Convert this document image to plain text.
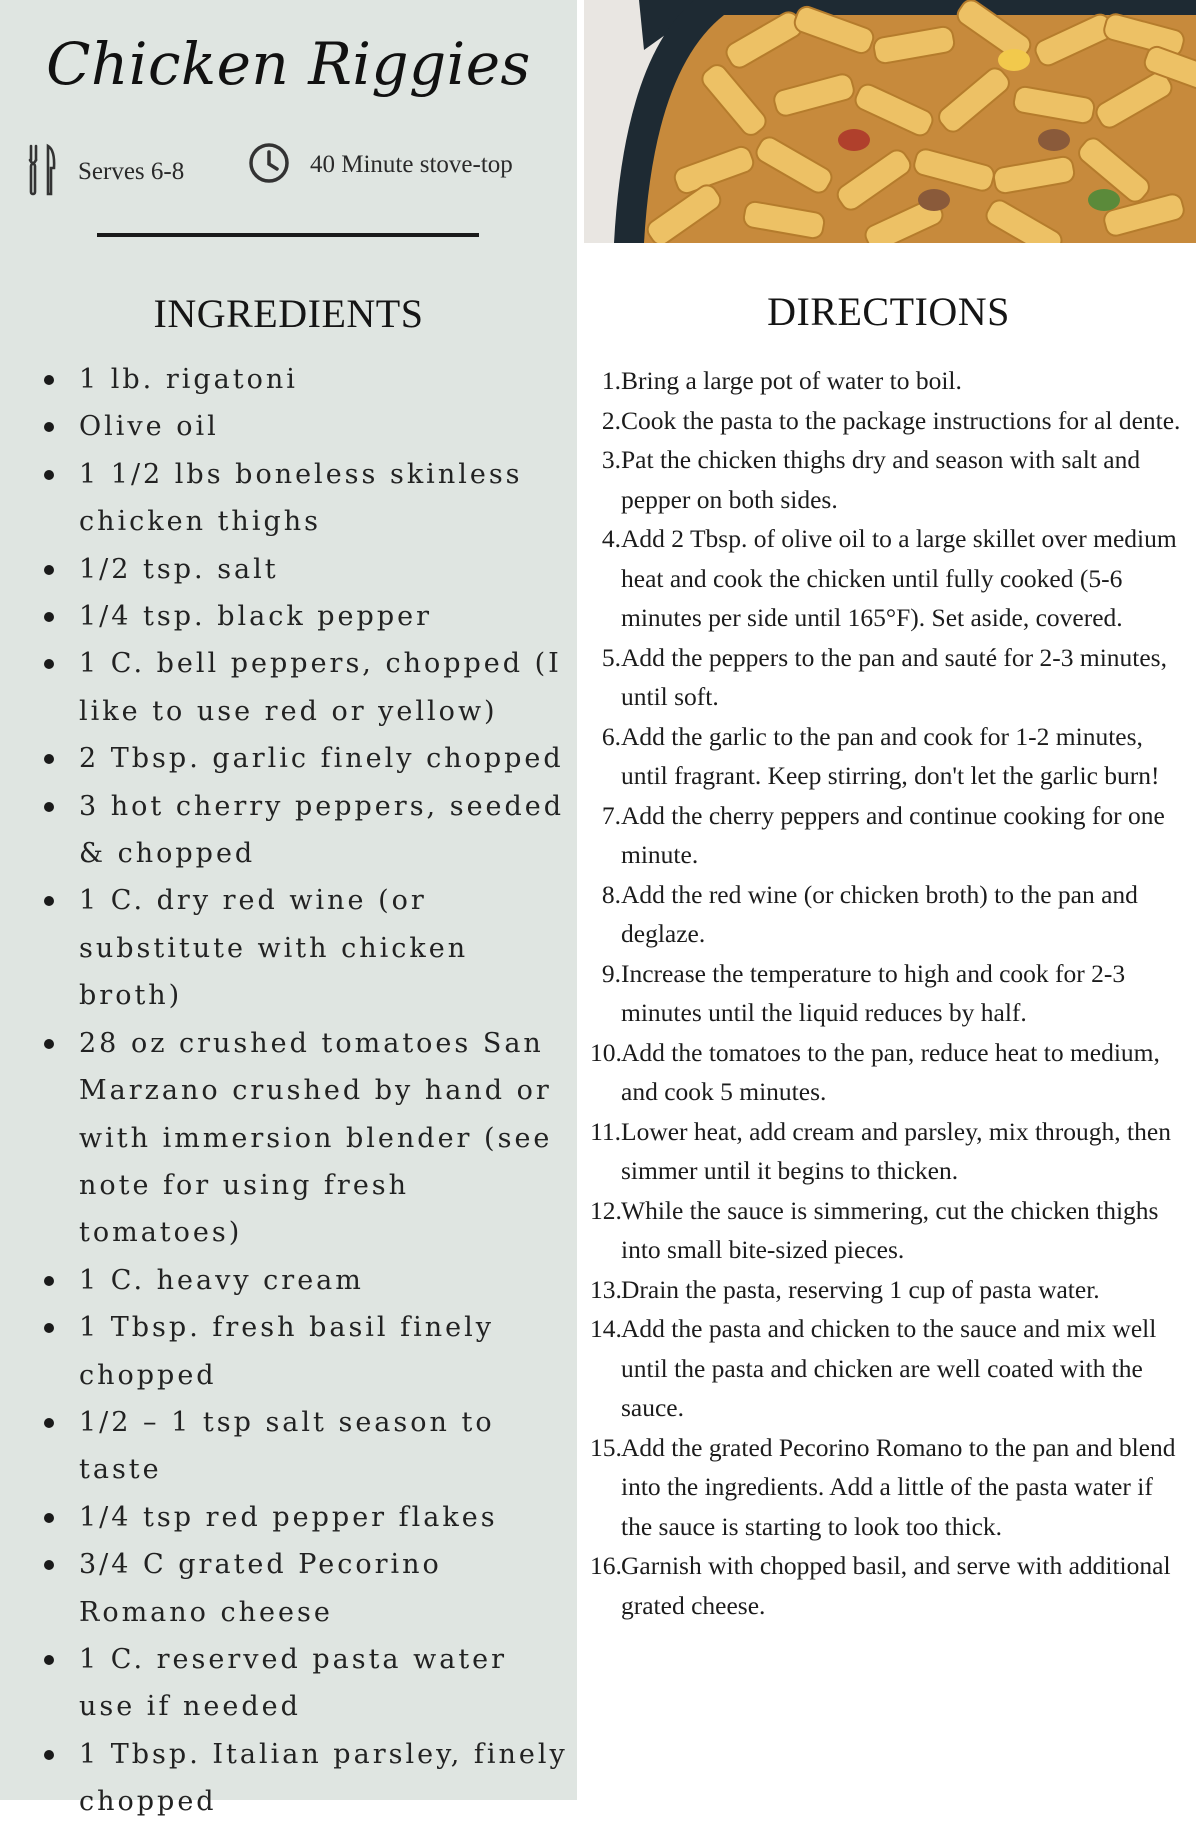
Chicken Riggies
Serves 6-8	40 Minute stove-top
INGREDIENTS
1 lb. rigatoni
Olive oil
1 1/2 lbs boneless skinless chicken thighs
1/2 tsp. salt
1/4 tsp. black pepper
1 C. bell peppers, chopped (I like to use red or yellow)
2 Tbsp. garlic finely chopped
3 hot cherry peppers, seeded & chopped
1 C. dry red wine (or substitute with chicken broth)
28 oz crushed tomatoes San Marzano crushed by hand or with immersion blender (see note for using fresh tomatoes)
1 C. heavy cream
1 Tbsp. fresh basil finely chopped
1/2 – 1 tsp salt season to taste
1/4 tsp red pepper flakes
3/4 C grated Pecorino Romano cheese
1 C. reserved pasta water use if needed
1 Tbsp. Italian parsley, finely chopped
DIRECTIONS
1. Bring a large pot of water to boil.
2. Cook the pasta to the package instructions for al dente.
3. Pat the chicken thighs dry and season with salt and pepper on both sides.
4. Add 2 Tbsp. of olive oil to a large skillet over medium heat and cook the chicken until fully cooked (5-6 minutes per side until 165°F). Set aside, covered.
5. Add the peppers to the pan and sauté for 2-3 minutes, until soft.
6. Add the garlic to the pan and cook for 1-2 minutes, until fragrant. Keep stirring, don't let the garlic burn!
7. Add the cherry peppers and continue cooking for one minute.
8. Add the red wine (or chicken broth) to the pan and deglaze.
9. Increase the temperature to high and cook for 2-3 minutes until the liquid reduces by half.
10. Add the tomatoes to the pan, reduce heat to medium, and cook 5 minutes.
11. Lower heat, add cream and parsley, mix through, then simmer until it begins to thicken.
12. While the sauce is simmering, cut the chicken thighs into small bite-sized pieces.
13. Drain the pasta, reserving 1 cup of pasta water.
14. Add the pasta and chicken to the sauce and mix well until the pasta and chicken are well coated with the sauce.
15. Add the grated Pecorino Romano to the pan and blend into the ingredients. Add a little of the pasta water if the sauce is starting to look too thick.
16. Garnish with chopped basil, and serve with additional grated cheese.
